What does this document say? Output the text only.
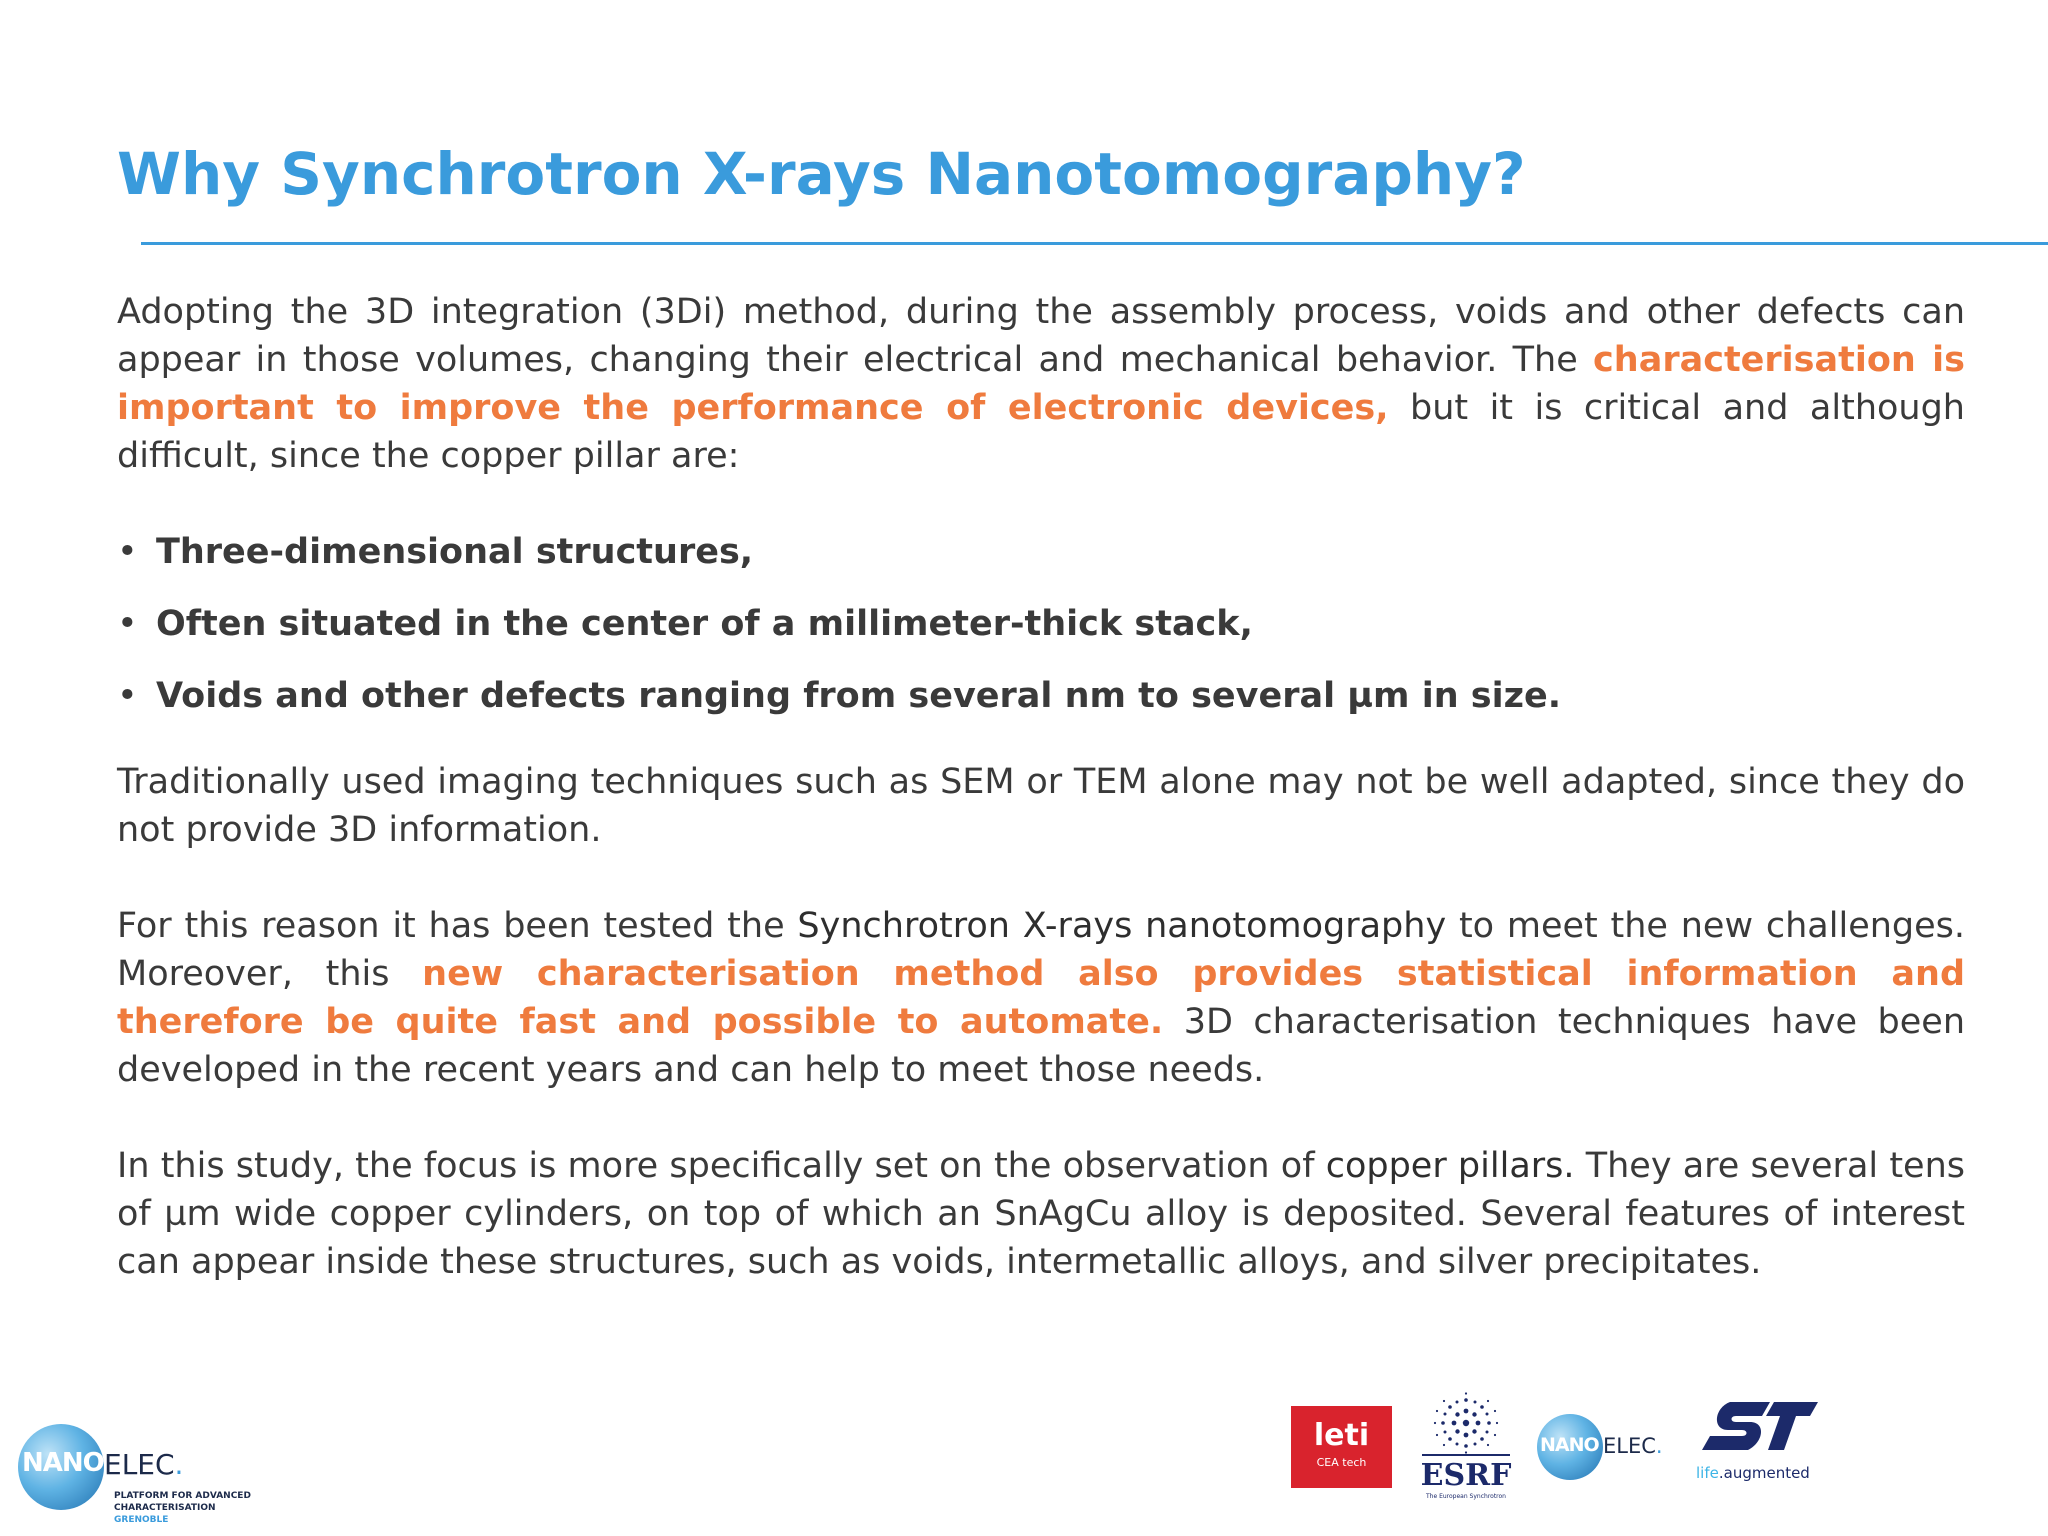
Why Synchrotron X-rays Nanotomography?

Adopting the 3D integration (3Di) method, during the assembly process, voids and other defects can appear in those volumes, changing their electrical and mechanical behavior. The characterisation is important to improve the performance of electronic devices, but it is critical and although difficult, since the copper pillar are:

• Three-dimensional structures,
• Often situated in the center of a millimeter-thick stack,
• Voids and other defects ranging from several nm to several µm in size.

Traditionally used imaging techniques such as SEM or TEM alone may not be well adapted, since they do not provide 3D information.

For this reason it has been tested the Synchrotron X-rays nanotomography to meet the new challenges. Moreover, this new characterisation method also provides statistical information and therefore be quite fast and possible to automate. 3D characterisation techniques have been developed in the recent years and can help to meet those needs.

In this study, the focus is more specifically set on the observation of copper pillars. They are several tens of µm wide copper cylinders, on top of which an SnAgCu alloy is deposited. Several features of interest can appear inside these structures, such as voids, intermetallic alloys, and silver precipitates.

NANO ELEC.
PLATFORM FOR ADVANCED
CHARACTERISATION
GRENOBLE
leti
CEA tech	ESRF
The European Synchrotron
NANO ELEC.
life.augmented
